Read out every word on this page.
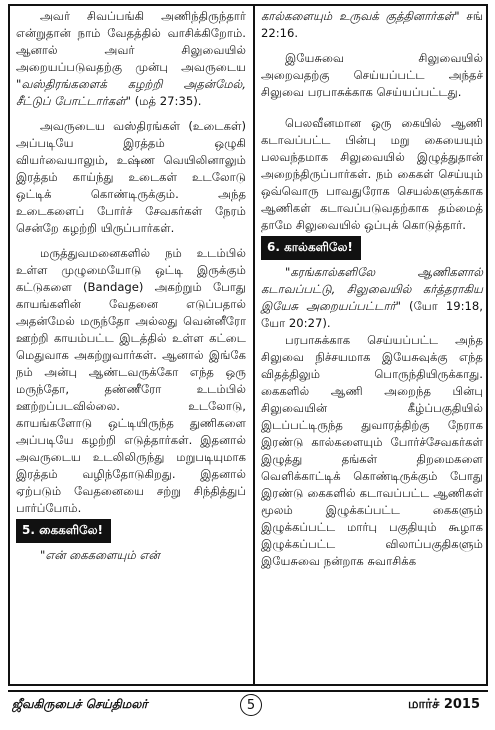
அவர் சிவப்பங்கி அணிந்திருந்தார் என்றுதான் நாம் வேதத்தில் வாசிக்கிறோம். ஆனால் அவர் சிலுவையில் அறையப்படுவதற்கு முன்பு அவருடைய "வஸ்திரங்களைக் கழற்றி அதன்மேல், சீட்டுப் போட்டார்கள்" (மத் 27:35).

அவருடைய வஸ்திரங்கள் (உடைகள்) அப்படியே இரத்தம் ஒழுகி வியர்வையாலும், உஷ்ண வெயிலினாலும் இரத்தம் காய்ந்து உடைகள் உடலோடு ஒட்டிக் கொண்டிருக்கும். அந்த உடைகளைப் போர்ச் சேவகர்கள் நேரம் சென்றே கழற்றி யிருப்பார்கள்.

மருத்துவமனைகளில் நம் உடம்பில் உள்ள முழுமையோடு ஒட்டி இருக்கும் கட்டுகளை (Bandage) அகற்றும் போது காயங்களின் வேதனை எடுப்பதால் அதன்மேல் மருந்தோ அல்லது வென்னீரோ ஊற்றி காயம்பட்ட இடத்தில் உள்ள கட்டை மெதுவாக அகற்றுவார்கள். ஆனால் இங்கே நம் அன்பு ஆண்டவருக்கோ எந்த ஒரு மருந்தோ, தண்ணீரோ உடம்பில் ஊற்றப்படவில்லை. உடலோடு, காயங்களோடு ஒட்டியிருந்த துணிகளை அப்படியே கழற்றி எடுத்தார்கள். இதனால் அவருடைய உடலிலிருந்து மறுபடியுமாக இரத்தம் வழிந்தோடுகிறது. இதனால் ஏற்படும் வேதனையை சற்று சிந்தித்துப் பார்ப்போம்.

5. கைகளிலே!

"என் கைகளையும் என்

கால்களையும் உருவக் குத்தினார்கள்" சங் 22:16.

இயேசுவை சிலுவையில் அறைவதற்கு செய்யப்பட்ட அந்தச் சிலுவை பரபாசுக்காக செய்யப்பட்டது.

பெலவீனமான ஒரு கையில் ஆணி கடாவப்பட்ட பின்பு மறு கையையும் பலவந்தமாக சிலுவையில் இழுத்துதான் அறைந்திருப்பார்கள். நம் கைகள் செய்யும் ஒவ்வொரு பாவதுரோக செயல்களுக்காக ஆணிகள் கடாவப்படுவதற்காக தம்மைத் தாமே சிலுவையில் ஒப்புக் கொடுத்தார்.

6. கால்களிலே!

"கரங்கால்களிலே ஆணிகளால் கடாவப்பட்டு, சிலுவையில் கர்த்தராகிய இயேசு அறையப்பட்டார்" (யோ 19:18, யோ 20:27).

பரபாசுக்காக செய்யப்பட்ட அந்த சிலுவை நிச்சயமாக இயேசுவுக்கு எந்த விதத்திலும் பொருந்தியிருக்காது. கைகளில் ஆணி அறைந்த பின்பு சிலுவையின் கீழ்ப்பகுதியில் இடப்பட்டிருந்த துவாரத்திற்கு நேராக இரண்டு கால்களையும் போர்ச்சேவகர்கள் இழுத்து தங்கள் திறமைகளை வெளிக்காட்டிக் கொண்டிருக்கும் போது இரண்டு கைகளில் கடாவப்பட்ட ஆணிகள் மூலம் இழுக்கப்பட்ட கைகளும் இழுக்கப்பட்ட மார்பு பகுதியும் கூழாக இழுக்கப்பட்ட விலாப்பகுதிகளும் இயேசுவை நன்றாக சுவாசிக்க

ஜீவகிருபைச் செய்திமலர்	5	மார்ச் 2015
